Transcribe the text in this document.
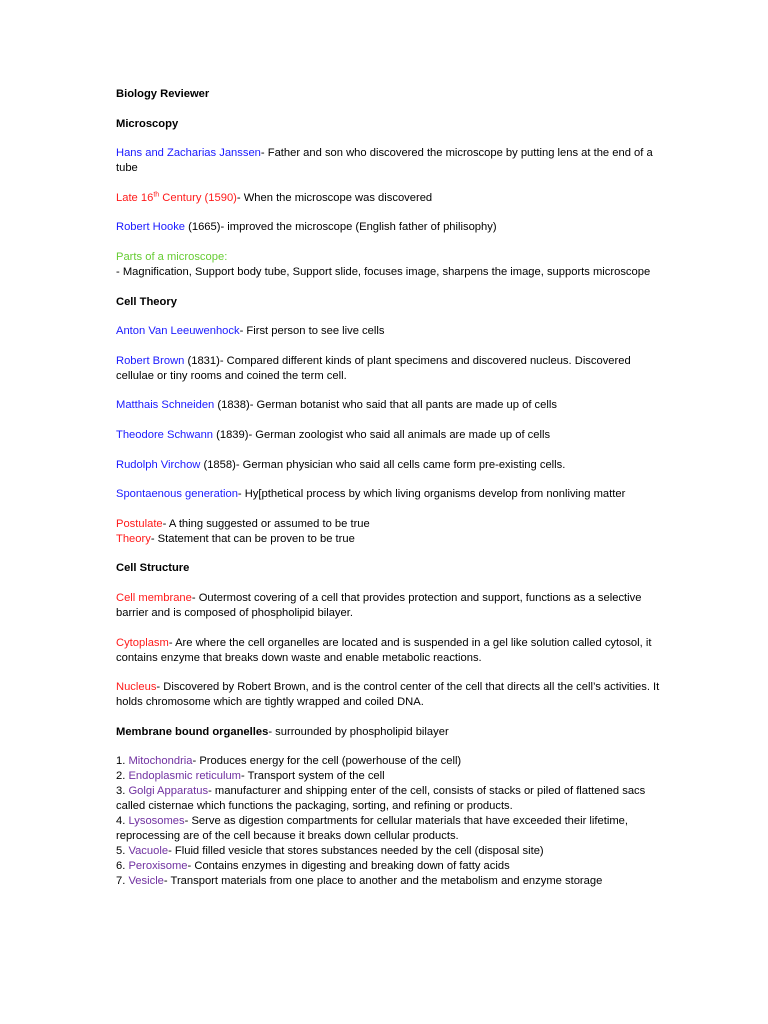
Biology Reviewer

Microscopy

Hans and Zacharias Janssen- Father and son who discovered the microscope by putting lens at the end of a tube

Late 16th Century (1590)- When the microscope was discovered

Robert Hooke (1665)- improved the microscope (English father of philisophy)

Parts of a microscope:

- Magnification, Support body tube, Support slide, focuses image, sharpens the image, supports microscope

Cell Theory

Anton Van Leeuwenhock- First person to see live cells

Robert Brown (1831)- Compared different kinds of plant specimens and discovered nucleus. Discovered cellulae or tiny rooms and coined the term cell.

Matthais Schneiden (1838)- German botanist who said that all pants are made up of cells

Theodore Schwann (1839)- German zoologist who said all animals are made up of cells

Rudolph Virchow (1858)- German physician who said all cells came form pre-existing cells.

Spontaenous generation- Hy[pthetical process by which living organisms develop from nonliving matter

Postulate- A thing suggested or assumed to be true

Theory- Statement that can be proven to be true

Cell Structure

Cell membrane- Outermost covering of a cell that provides protection and support, functions as a selective barrier and is composed of phospholipid bilayer.

Cytoplasm- Are where the cell organelles are located and is suspended in a gel like solution called cytosol, it contains enzyme that breaks down waste and enable metabolic reactions.

Nucleus- Discovered by Robert Brown, and is the control center of the cell that directs all the cell’s activities. It holds chromosome which are tightly wrapped and coiled DNA.

Membrane bound organelles- surrounded by phospholipid bilayer

1. Mitochondria- Produces energy for the cell (powerhouse of the cell)

2. Endoplasmic reticulum- Transport system of the cell

3. Golgi Apparatus- manufacturer and shipping enter of the cell, consists of stacks or piled of flattened sacs called cisternae which functions the packaging, sorting, and refining or products.

4. Lysosomes- Serve as digestion compartments for cellular materials that have exceeded their lifetime, reprocessing are of the cell because it breaks down cellular products.

5. Vacuole- Fluid filled vesicle that stores substances needed by the cell (disposal site)

6. Peroxisome- Contains enzymes in digesting and breaking down of fatty acids

7. Vesicle- Transport materials from one place to another and the metabolism and enzyme storage
